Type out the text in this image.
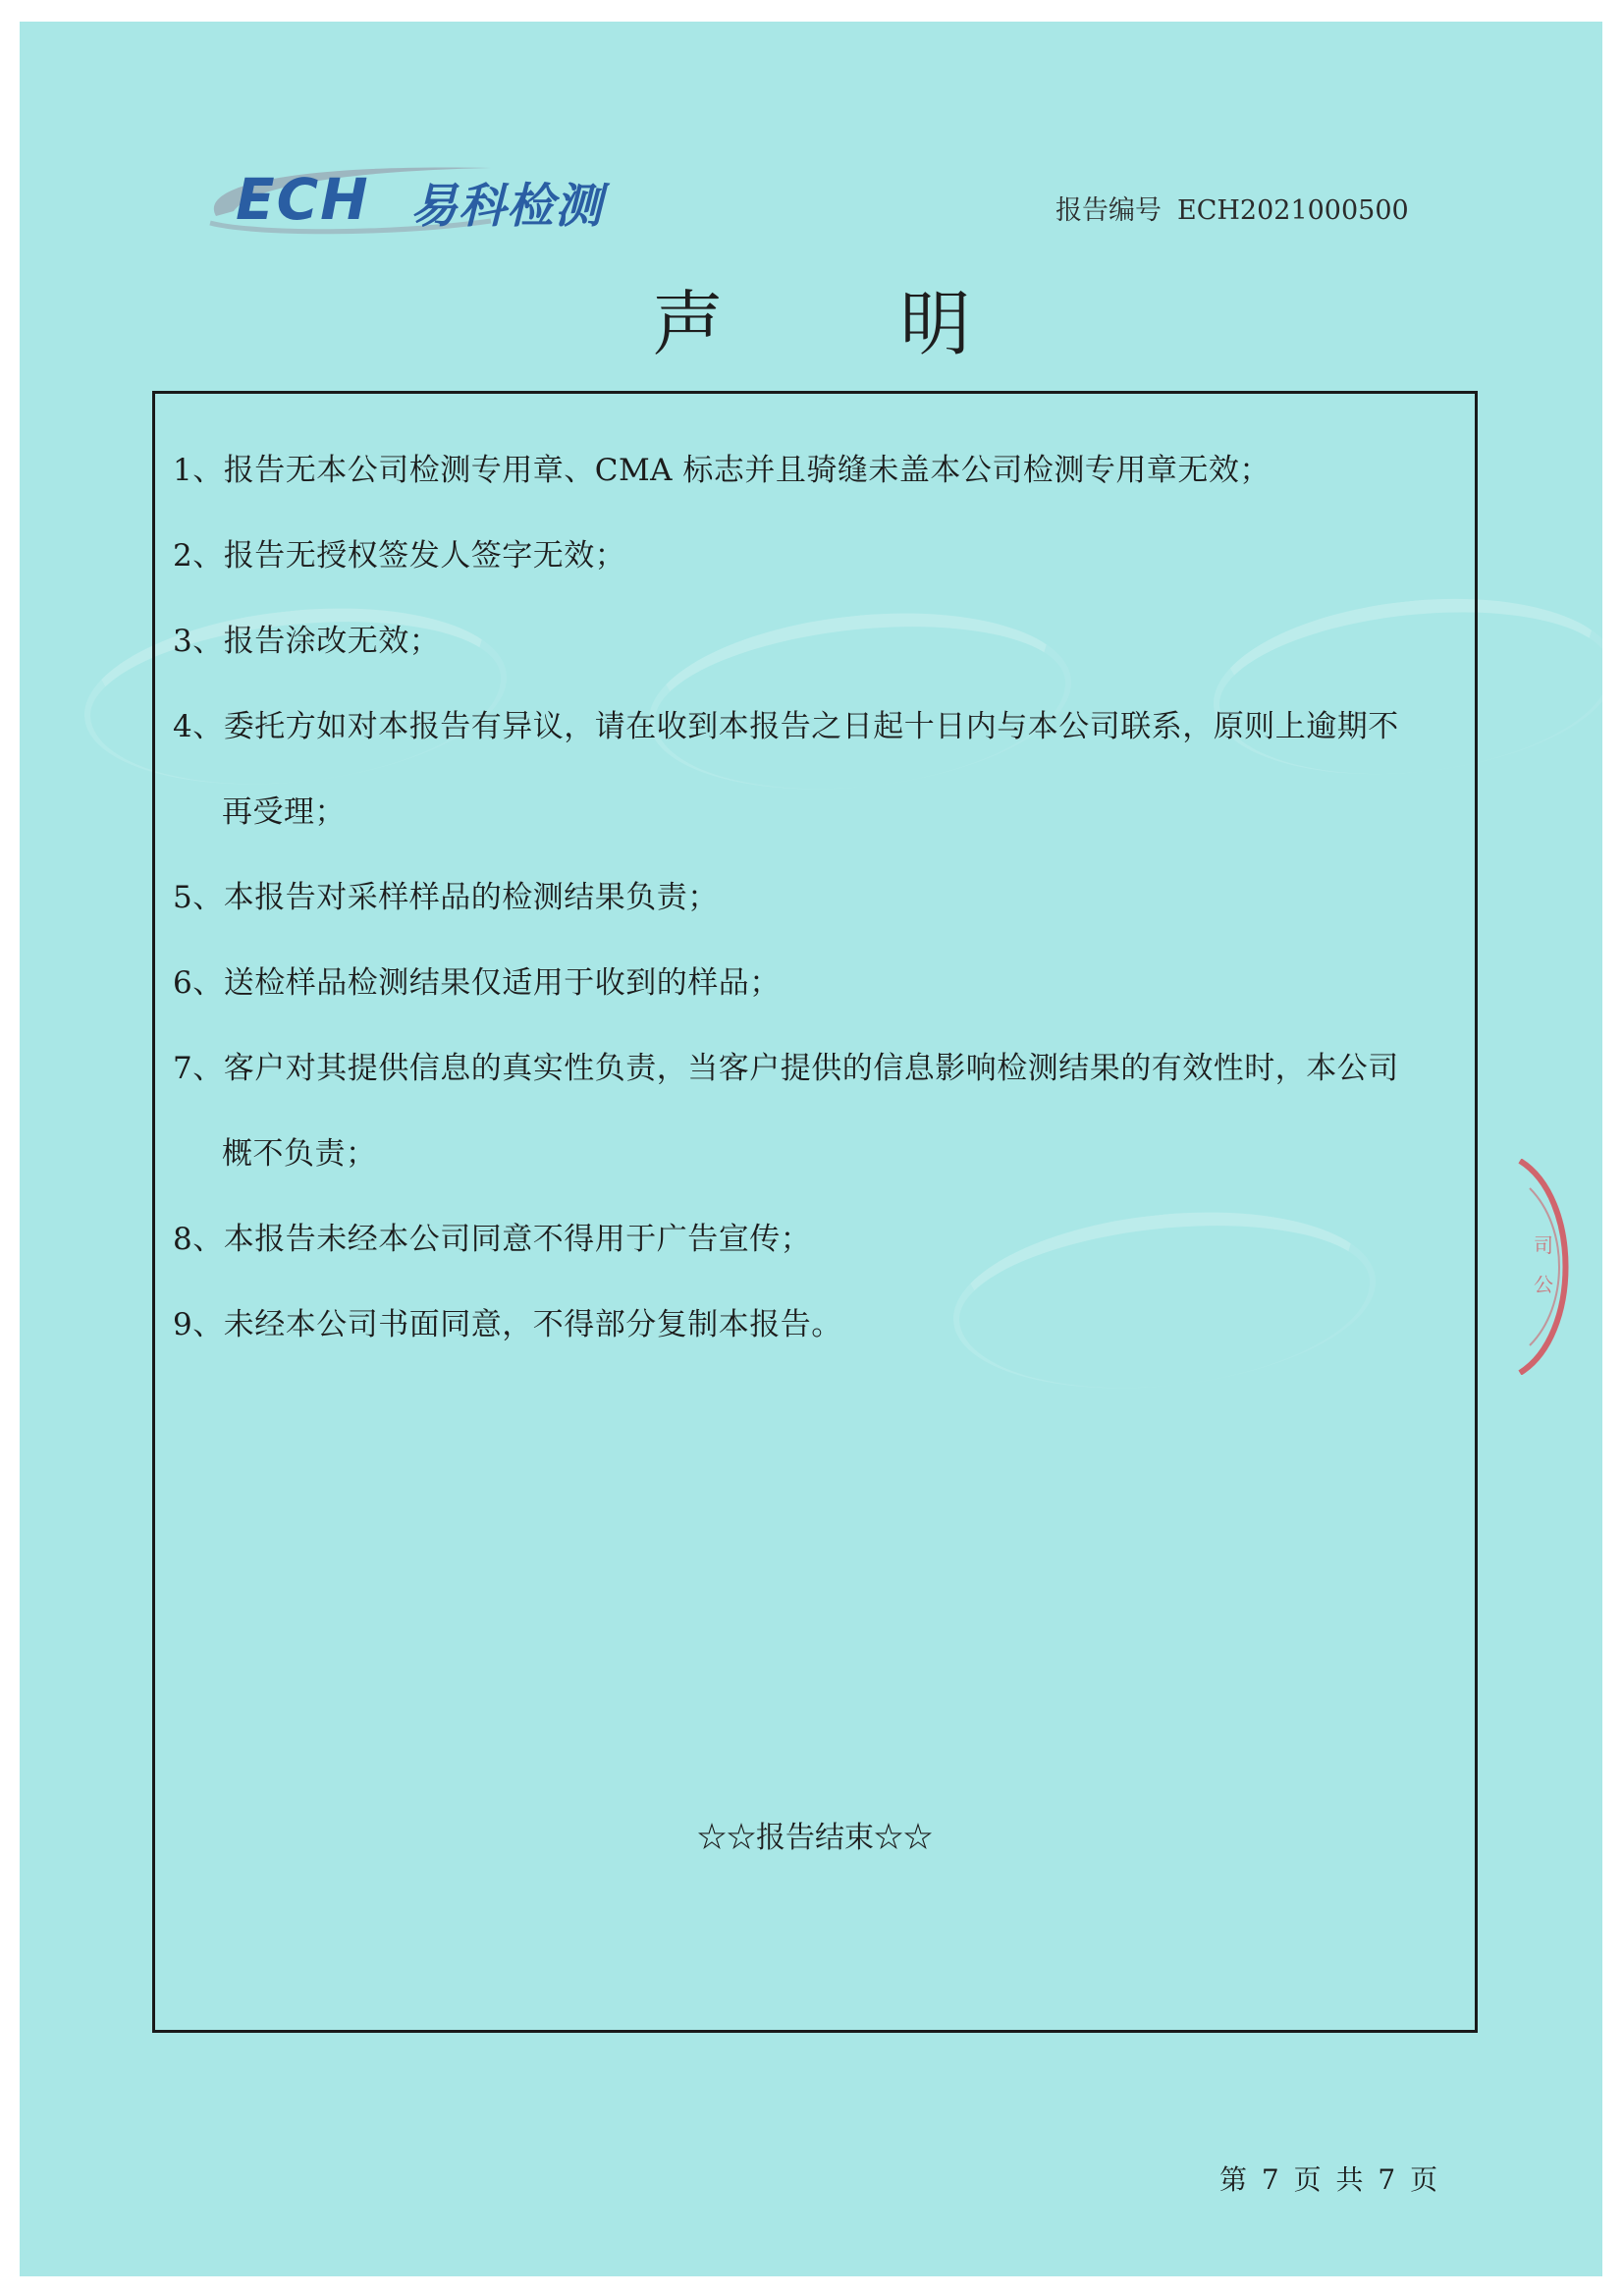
ECH 易科检测	报告编号 ECH2021000500
声	明
1、报告无本公司检测专用章、CMA 标志并且骑缝未盖本公司检测专用章无效；
2、报告无授权签发人签字无效；
3、报告涂改无效；
4、委托方如对本报告有异议，请在收到本报告之日起十日内与本公司联系，原则上逾期不
再受理；
5、本报告对采样样品的检测结果负责；
6、送检样品检测结果仅适用于收到的样品；
7、客户对其提供信息的真实性负责，当客户提供的信息影响检测结果的有效性时，本公司
概不负责；
8、本报告未经本公司同意不得用于广告宣传；
9、未经本公司书面同意，不得部分复制本报告。
☆☆报告结束☆☆
司
公
第 7 页 共 7 页
